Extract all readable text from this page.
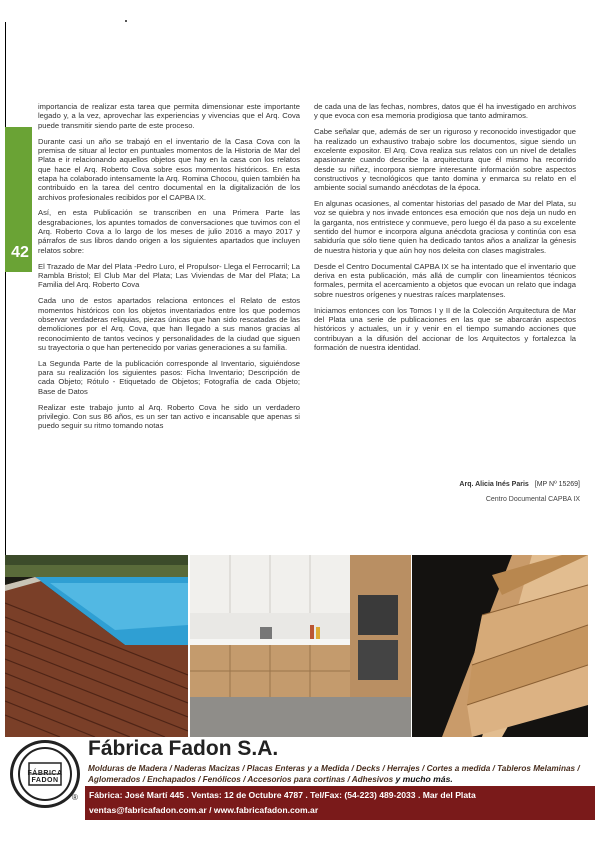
42

importancia de realizar esta tarea que permita dimensionar este importante legado y, a la vez, aprovechar las experiencias y vivencias que el Arq. Cova puede transmitir siendo parte de este proceso.

Durante casi un año se trabajó en el inventario de la Casa Cova con la premisa de situar al lector en puntuales momentos de la Historia de Mar del Plata e ir relacionando aquellos objetos que hay en la casa con los relatos que hace el Arq. Roberto Cova sobre esos momentos históricos. En esta etapa ha colaborado intensamente la Arq. Romina Chocou, quien también ha contribuido en la tarea del centro documental en la digitalización de los archivos profesionales recibidos por el CAPBA IX.

Así, en esta Publicación se transcriben en una Primera Parte las desgrabaciones, los apuntes tomados de conversaciones que tuvimos con el Arq. Roberto Cova a lo largo de los meses de julio 2016 a mayo 2017 y párrafos de sus libros dando origen a los siguientes apartados que incluyen relatos sobre:

El Trazado de Mar del Plata -Pedro Luro, el Propulsor- Llega el Ferrocarril; La Rambla Bristol; El Club Mar del Plata; Las Viviendas de Mar del Plata; La Familia del Arq. Roberto Cova

Cada uno de estos apartados relaciona entonces el Relato de estos momentos históricos con los objetos inventariados entre los que podemos observar verdaderas reliquias, piezas únicas que han sido rescatadas de las demoliciones por el Arq. Cova, que han llegado a sus manos gracias al reconocimiento de tantos vecinos y personalidades de la ciudad que siguen su trayectoria o que han pertenecido por varias generaciones a su familia.

La Segunda Parte de la publicación corresponde al Inventario, siguiéndose para su realización los siguientes pasos: Ficha Inventario; Descripción de cada Objeto; Rótulo - Etiquetado de Objetos; Fotografía de cada Objeto; Base de Datos

Realizar este trabajo junto al Arq. Roberto Cova he sido un verdadero privilegio. Con sus 86 años, es un ser tan activo e incansable que apenas si puedo seguir su ritmo tomando notas

de cada una de las fechas, nombres, datos que él ha investigado en archivos y que evoca con esa memoria prodigiosa que tanto admiramos.

Cabe señalar que, además de ser un riguroso y reconocido investigador que ha realizado un exhaustivo trabajo sobre los documentos, sigue siendo un excelente expositor. El Arq. Cova realiza sus relatos con un nivel de detalles apasionante cuando describe la arquitectura que él mismo ha recorrido desde su niñez, incorpora siempre interesante información sobre aspectos constructivos y tecnológicos que tanto domina y enmarca su relato en el ambiente social sumando anécdotas de la época.

En algunas ocasiones, al comentar historias del pasado de Mar del Plata, su voz se quiebra y nos invade entonces esa emoción que nos deja un nudo en la garganta, nos entristece y conmueve, pero luego él da paso a su excelente sentido del humor e incorpora alguna anécdota graciosa y continúa con esa sabiduría que sólo tiene quien ha dedicado tantos años a analizar la génesis de nuestra historia y que aún hoy nos deleita con clases magistrales.

Desde el Centro Documental CAPBA IX se ha intentado que el inventario que deriva en esta publicación, más allá de cumplir con lineamientos técnicos formales, permita el acercamiento a objetos que evocan un relato que indaga sobre nuestros orígenes y nuestras raíces marplatenses.

Iniciamos entonces con los Tomos I y II de la Colección Arquitectura de Mar del Plata una serie de publicaciones en las que se abarcarán aspectos históricos y actuales, un ir y venir en el tiempo sumando acciones que contribuyan a la difusión del accionar de los Arquitectos y fortalezca la formación de nuestra identidad.

Arq. Alicia Inés Paris [MP Nº 15269]
Centro Documental CAPBA IX
FÁBRICA FADON
®
Fábrica Fadon S.A.
Molduras de Madera / Naderas Macizas / Placas Enteras y a Medida / Decks / Herrajes / Cortes a medida / Tableros Melaminas / Aglomerados / Enchapados / Fenólicos / Accesorios para cortinas / Adhesivos y mucho más.
Fábrica: José Martí 445 . Ventas: 12 de Octubre 4787 . Tel/Fax: (54-223) 489-2033 . Mar del Plata
ventas@fabricafadon.com.ar / www.fabricafadon.com.ar
